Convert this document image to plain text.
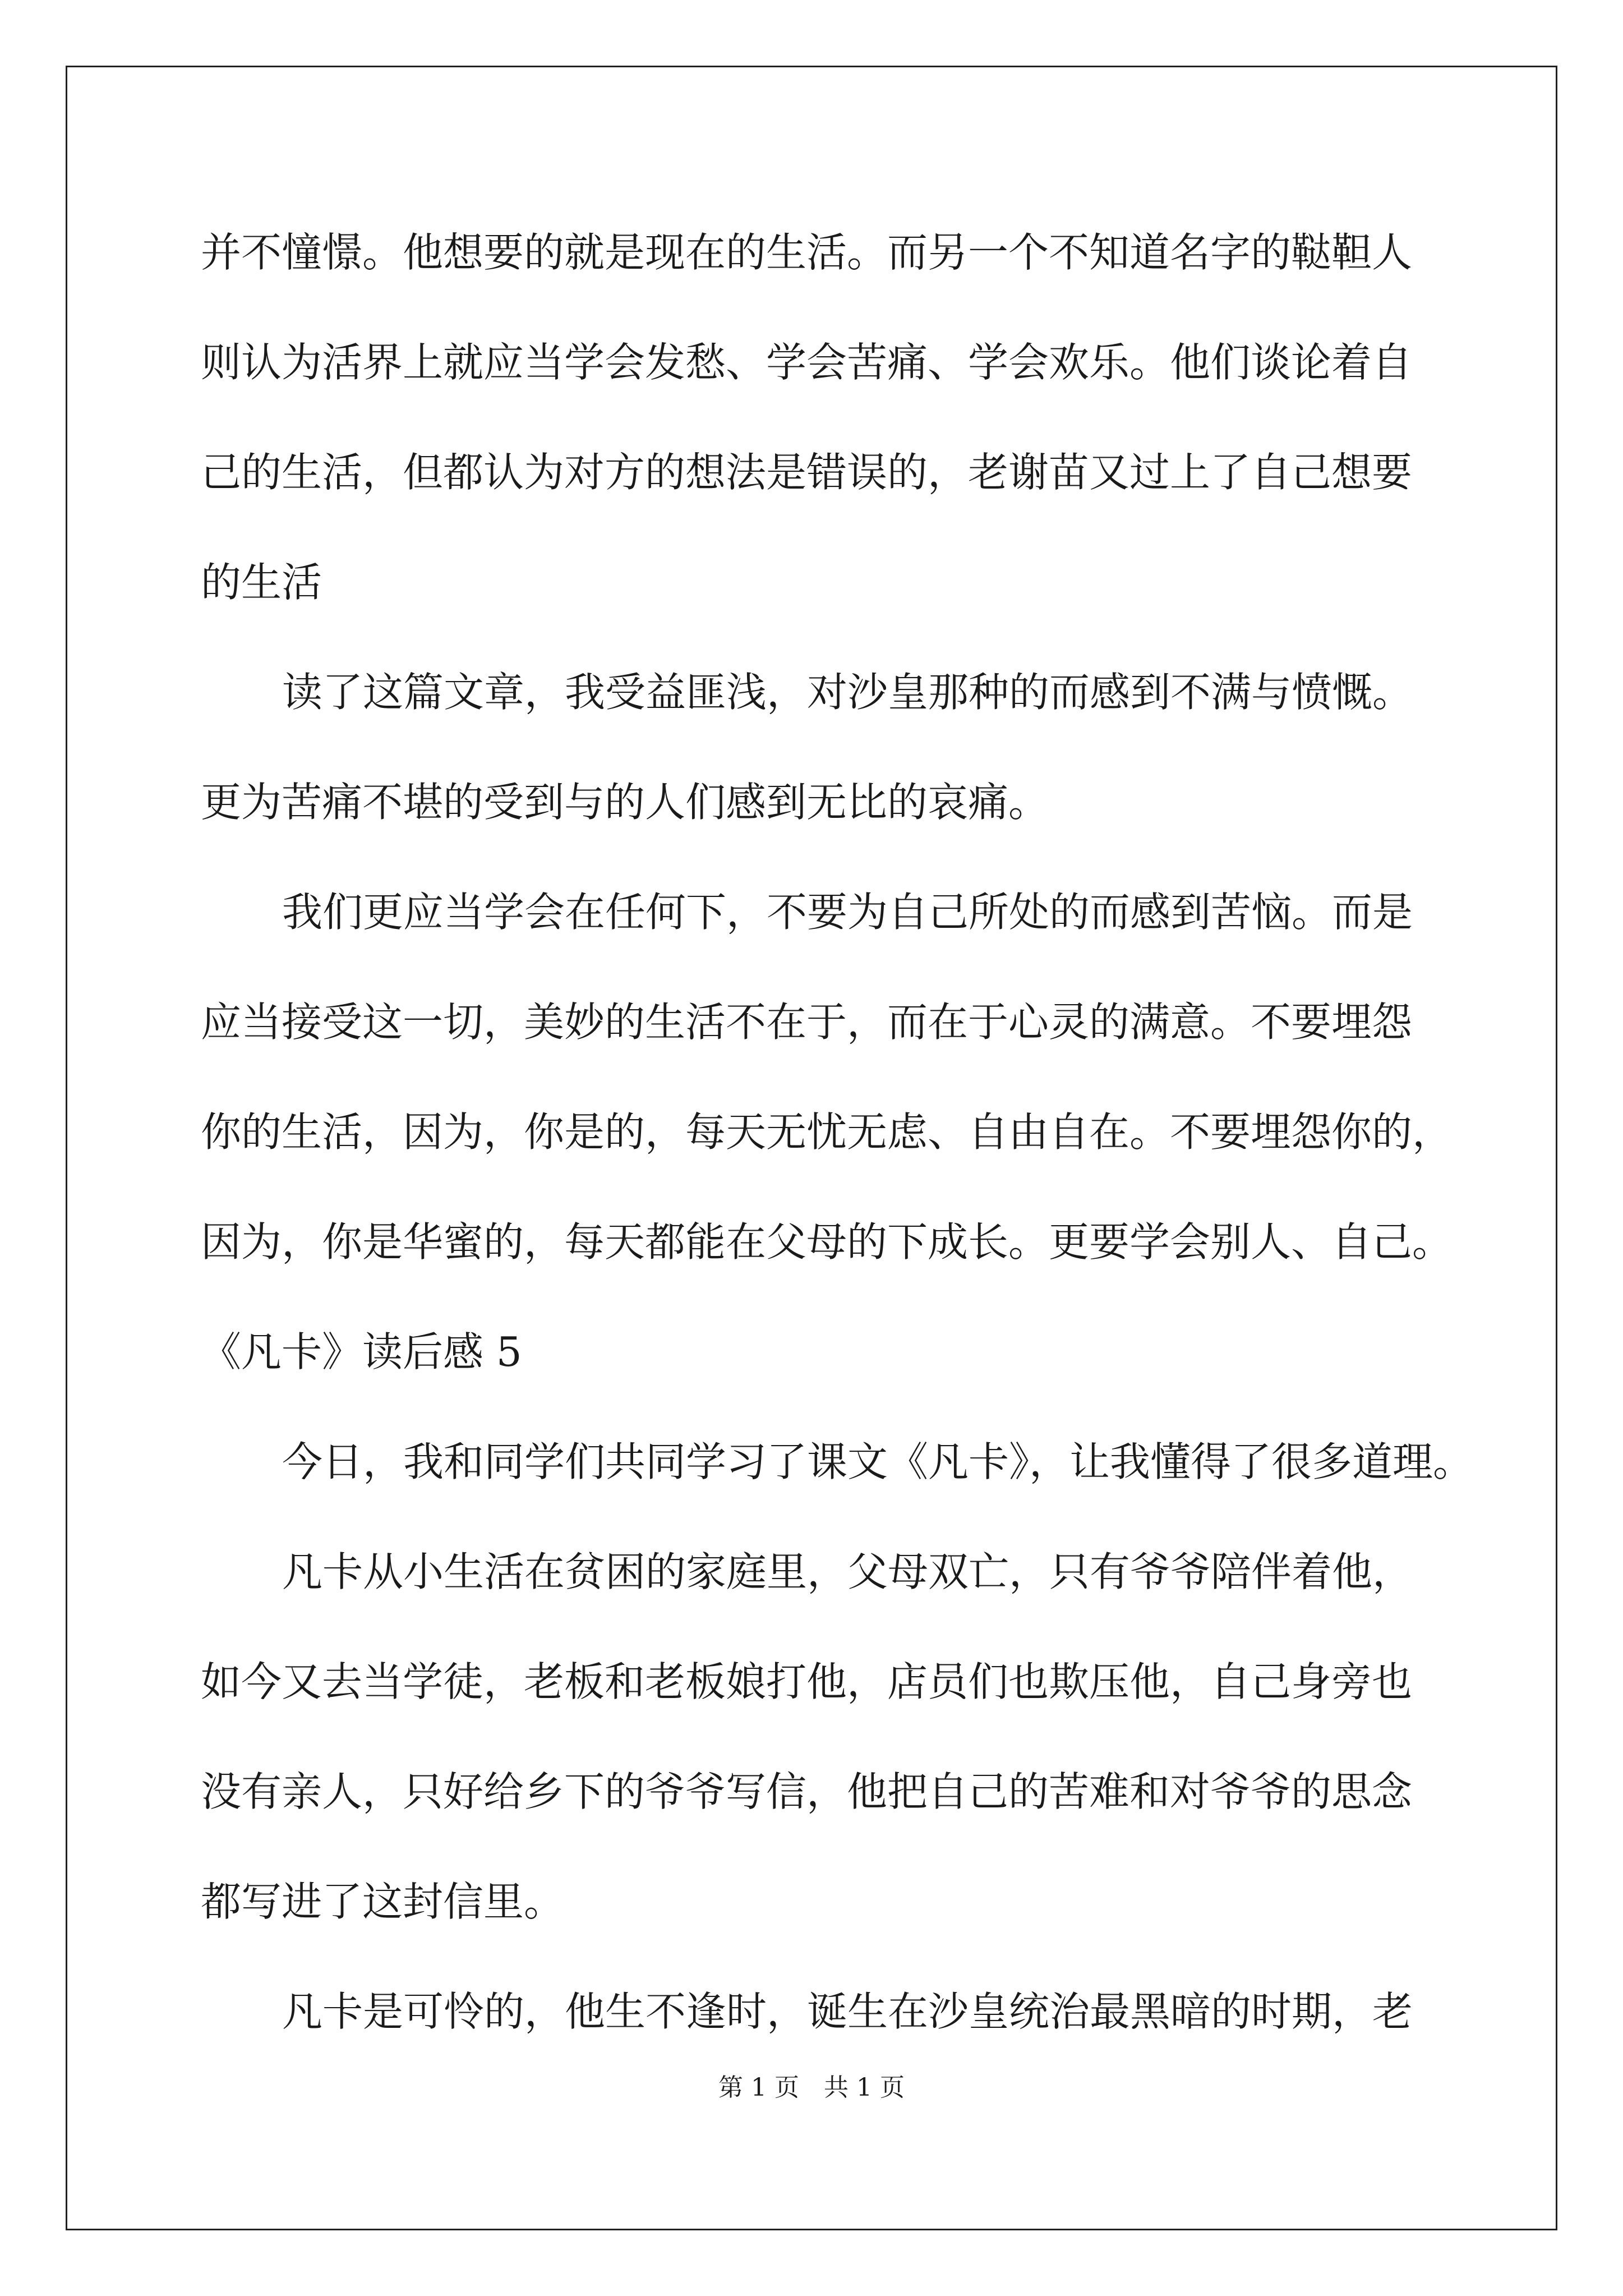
并不憧憬。他想要的就是现在的生活。而另一个不知道名字的鞑靼人
则认为活界上就应当学会发愁、学会苦痛、学会欢乐。他们谈论着自
己的生活，但都认为对方的想法是错误的，老谢苗又过上了自己想要
的生活
读了这篇文章，我受益匪浅，对沙皇那种的而感到不满与愤慨。
更为苦痛不堪的受到与的人们感到无比的哀痛。
我们更应当学会在任何下，不要为自己所处的而感到苦恼。而是
应当接受这一切，美妙的生活不在于，而在于心灵的满意。不要埋怨
你的生活，因为，你是的，每天无忧无虑、自由自在。不要埋怨你的，
因为，你是华蜜的，每天都能在父母的下成长。更要学会别人、自己。
《凡卡》读后感 5
今日，我和同学们共同学习了课文《凡卡》，让我懂得了很多道理。
凡卡从小生活在贫困的家庭里，父母双亡，只有爷爷陪伴着他，
如今又去当学徒，老板和老板娘打他，店员们也欺压他，自己身旁也
没有亲人，只好给乡下的爷爷写信，他把自己的苦难和对爷爷的思念
都写进了这封信里。
凡卡是可怜的，他生不逢时，诞生在沙皇统治最黑暗的时期，老
第 1 页　共 1 页
